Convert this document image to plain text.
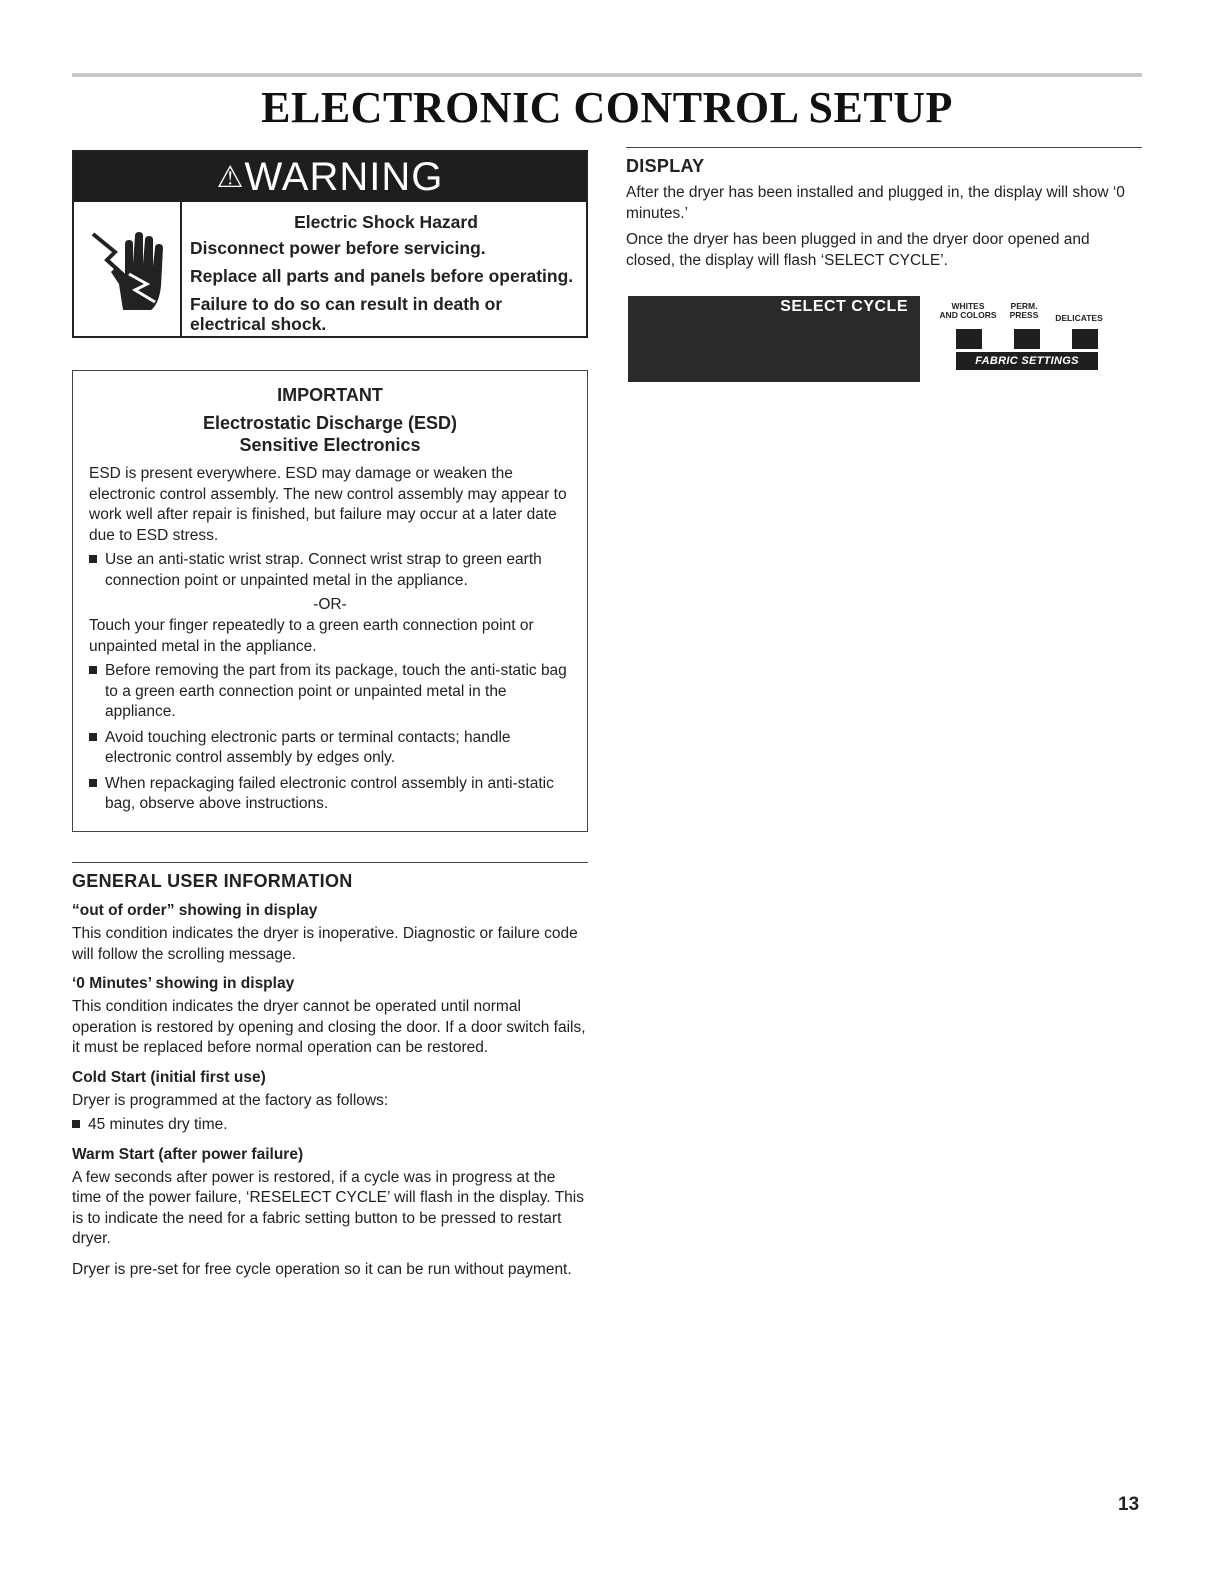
ELECTRONIC CONTROL SETUP
⚠WARNING
Electric Shock Hazard

Disconnect power before servicing.

Replace all parts and panels before operating.

Failure to do so can result in death or electrical shock.

IMPORTANT

Electrostatic Discharge (ESD)
Sensitive Electronics

ESD is present everywhere. ESD may damage or weaken the electronic control assembly. The new control assembly may appear to work well after repair is finished, but failure may occur at a later date due to ESD stress.

Use an anti-static wrist strap. Connect wrist strap to green earth connection point or unpainted metal in the appliance.

-OR-

Touch your finger repeatedly to a green earth connection point or unpainted metal in the appliance.

Before removing the part from its package, touch the anti-static bag to a green earth connection point or unpainted metal in the appliance.

Avoid touching electronic parts or terminal contacts; handle electronic control assembly by edges only.

When repackaging failed electronic control assembly in anti-static bag, observe above instructions.

GENERAL USER INFORMATION

“out of order” showing in display

This condition indicates the dryer is inoperative. Diagnostic or failure code will follow the scrolling message.

‘0 Minutes’ showing in display

This condition indicates the dryer cannot be operated until normal operation is restored by opening and closing the door. If a door switch fails, it must be replaced before normal operation can be restored.

Cold Start (initial first use)

Dryer is programmed at the factory as follows:

45 minutes dry time.

Warm Start (after power failure)

A few seconds after power is restored, if a cycle was in progress at the time of the power failure, ‘RESELECT CYCLE’ will flash in the display. This is to indicate the need for a fabric setting button to be pressed to restart dryer.

Dryer is pre-set for free cycle operation so it can be run without payment.

DISPLAY

After the dryer has been installed and plugged in, the display will show ‘0 minutes.’

Once the dryer has been plugged in and the dryer door opened and closed, the display will flash ‘SELECT CYCLE’.

SELECT CYCLE	WHITES
AND COLORS
PERM.
PRESS	DELICATES
FABRIC SETTINGS
13
